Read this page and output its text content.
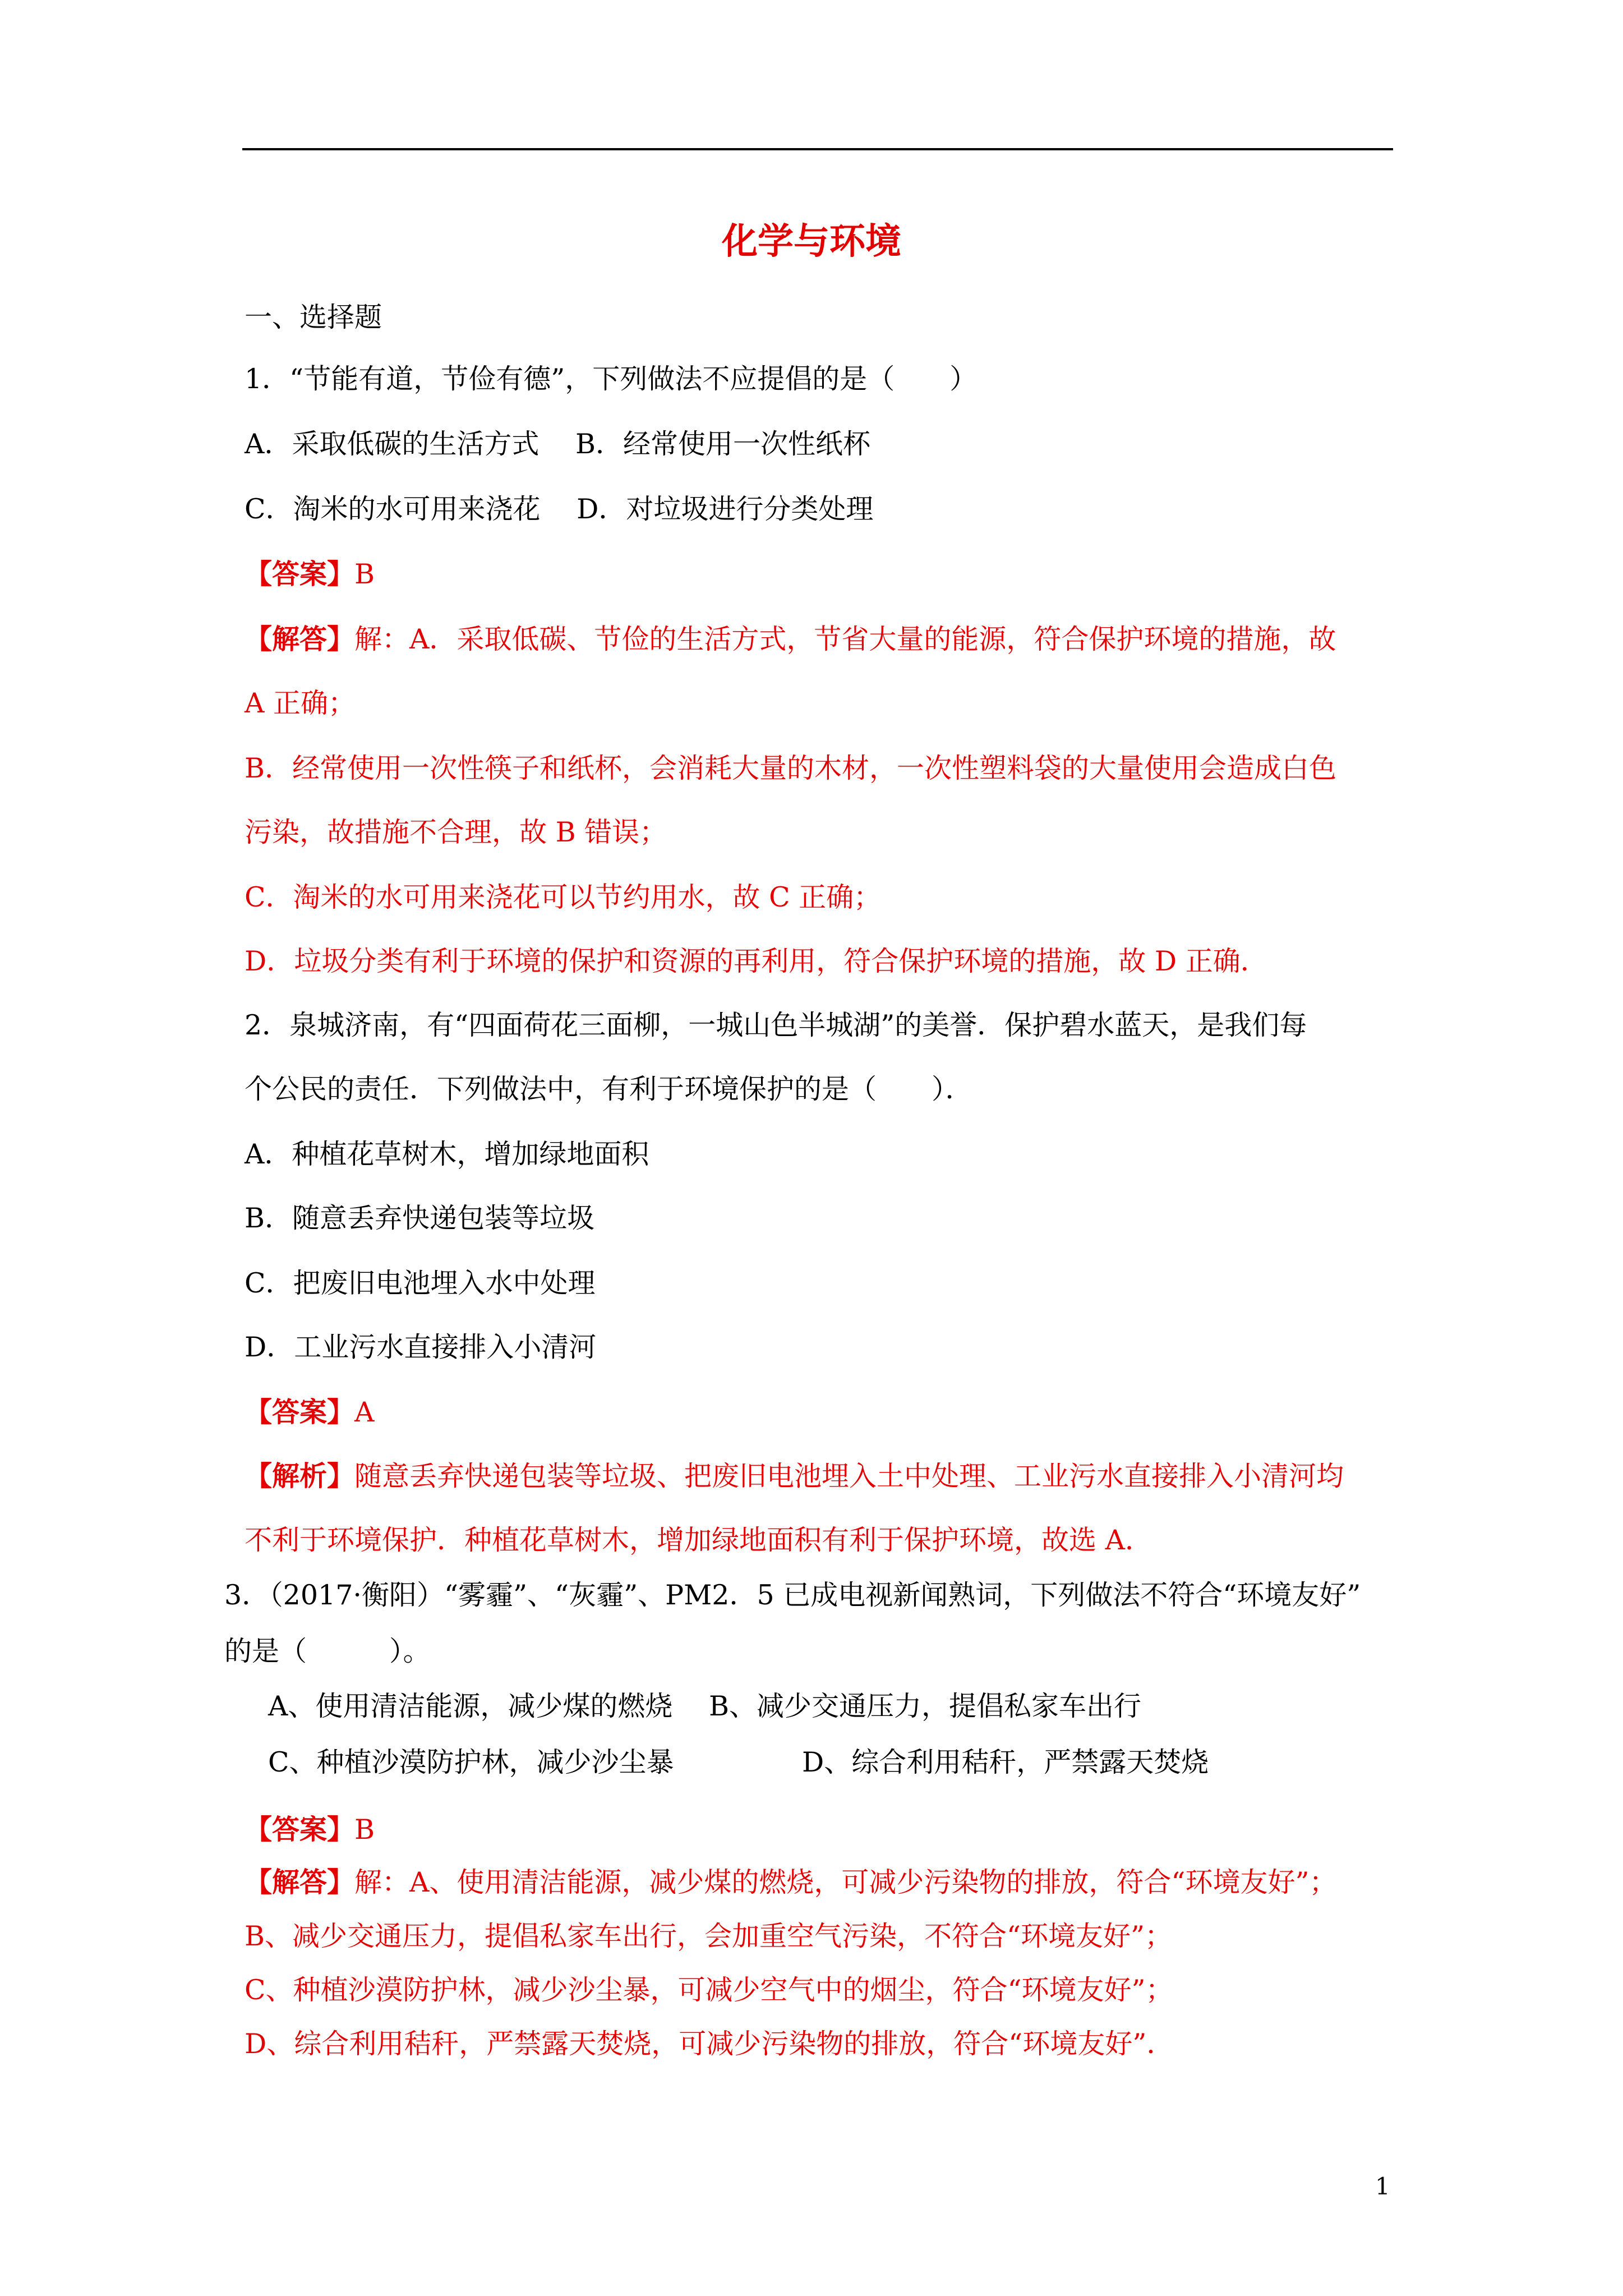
化学与环境
一、选择题
1．“节能有道，节俭有德”，下列做法不应提倡的是（　　）
A．采取低碳的生活方式　 B．经常使用一次性纸杯
C．淘米的水可用来浇花　 D．对垃圾进行分类处理
【答案】B
【解答】解：A．采取低碳、节俭的生活方式，节省大量的能源，符合保护环境的措施，故
A 正确；
B．经常使用一次性筷子和纸杯，会消耗大量的木材，一次性塑料袋的大量使用会造成白色
污染，故措施不合理，故 B 错误；
C．淘米的水可用来浇花可以节约用水，故 C 正确；
D．垃圾分类有利于环境的保护和资源的再利用，符合保护环境的措施，故 D 正确．
2．泉城济南，有“四面荷花三面柳，一城山色半城湖”的美誉．保护碧水蓝天，是我们每
个公民的责任．下列做法中，有利于环境保护的是（　　）．
A．种植花草树木，增加绿地面积
B．随意丢弃快递包装等垃圾
C．把废旧电池埋入水中处理
D．工业污水直接排入小清河
【答案】A
【解析】随意丢弃快递包装等垃圾、把废旧电池埋入土中处理、工业污水直接排入小清河均
不利于环境保护．种植花草树木，增加绿地面积有利于保护环境，故选 A．
3．（2017·衡阳）“雾霾”、“灰霾”、PM2．5 已成电视新闻熟词，下列做法不符合“环境友好”
的是（　　　）。
A、使用清洁能源，减少煤的燃烧　 B、减少交通压力，提倡私家车出行
C、种植沙漠防护林，减少沙尘暴	D、综合利用秸秆，严禁露天焚烧
【答案】B
【解答】解：A、使用清洁能源，减少煤的燃烧，可减少污染物的排放，符合“环境友好”；
B、减少交通压力，提倡私家车出行，会加重空气污染，不符合“环境友好”；
C、种植沙漠防护林，减少沙尘暴，可减少空气中的烟尘，符合“环境友好”；
D、综合利用秸秆，严禁露天焚烧，可减少污染物的排放，符合“环境友好”．
1
